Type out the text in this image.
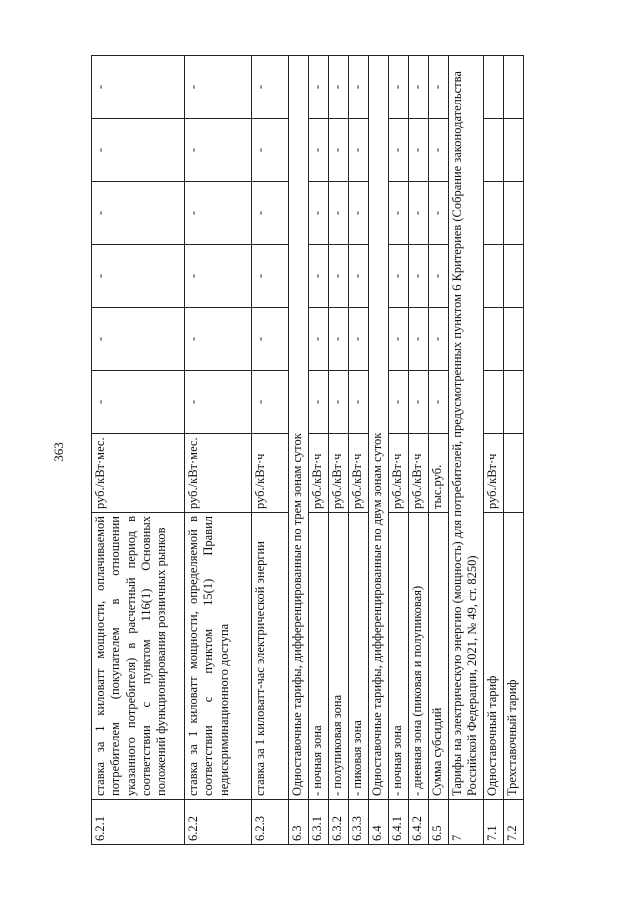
363
6.2.1	ставка за 1 киловатт мощности, оплачиваемой потребителем (покупателем в отношении указанного потребителя) в расчетный период в соответствии с пунктом 116(1) Основных положений функционирования розничных рынков	руб./кВт·мес.	-	-	-	-	-	-
6.2.2	ставка за 1 киловатт мощности, определяемой в соответствии с пунктом 15(1) Правил недискриминационного доступа	руб./кВт·мес.	-	-	-	-	-	-
6.2.3	ставка за 1 киловатт-час электрической энергии	руб./кВт·ч	-	-	-	-	-	-
6.3	Одноставочные тарифы, дифференцированные по трем зонам суток							
6.3.1	- ночная зона	руб./кВт·ч	-	-	-	-	-	-
6.3.2	- полупиковая зона	руб./кВт·ч	-	-	-	-	-	-
6.3.3	- пиковая зона	руб./кВт·ч	-	-	-	-	-	-
6.4	Одноставочные тарифы, дифференцированные по двум зонам суток							
6.4.1	- ночная зона	руб./кВт·ч	-	-	-	-	-	-
6.4.2	- дневная зона (пиковая и полупиковая)	руб./кВт·ч	-	-	-	-	-	-
6.5	Сумма субсидий	тыс.руб.	-	-	-	-	-	-
7	Тарифы на электрическую энергию (мощность) для потребителей, предусмотренных пунктом 6 Критериев (Собрание законодательства Российской Федерации, 2021, № 49, ст. 8250)							
7.1	Одноставочный тариф	руб./кВт·ч						
7.2	Трехставочный тариф							
